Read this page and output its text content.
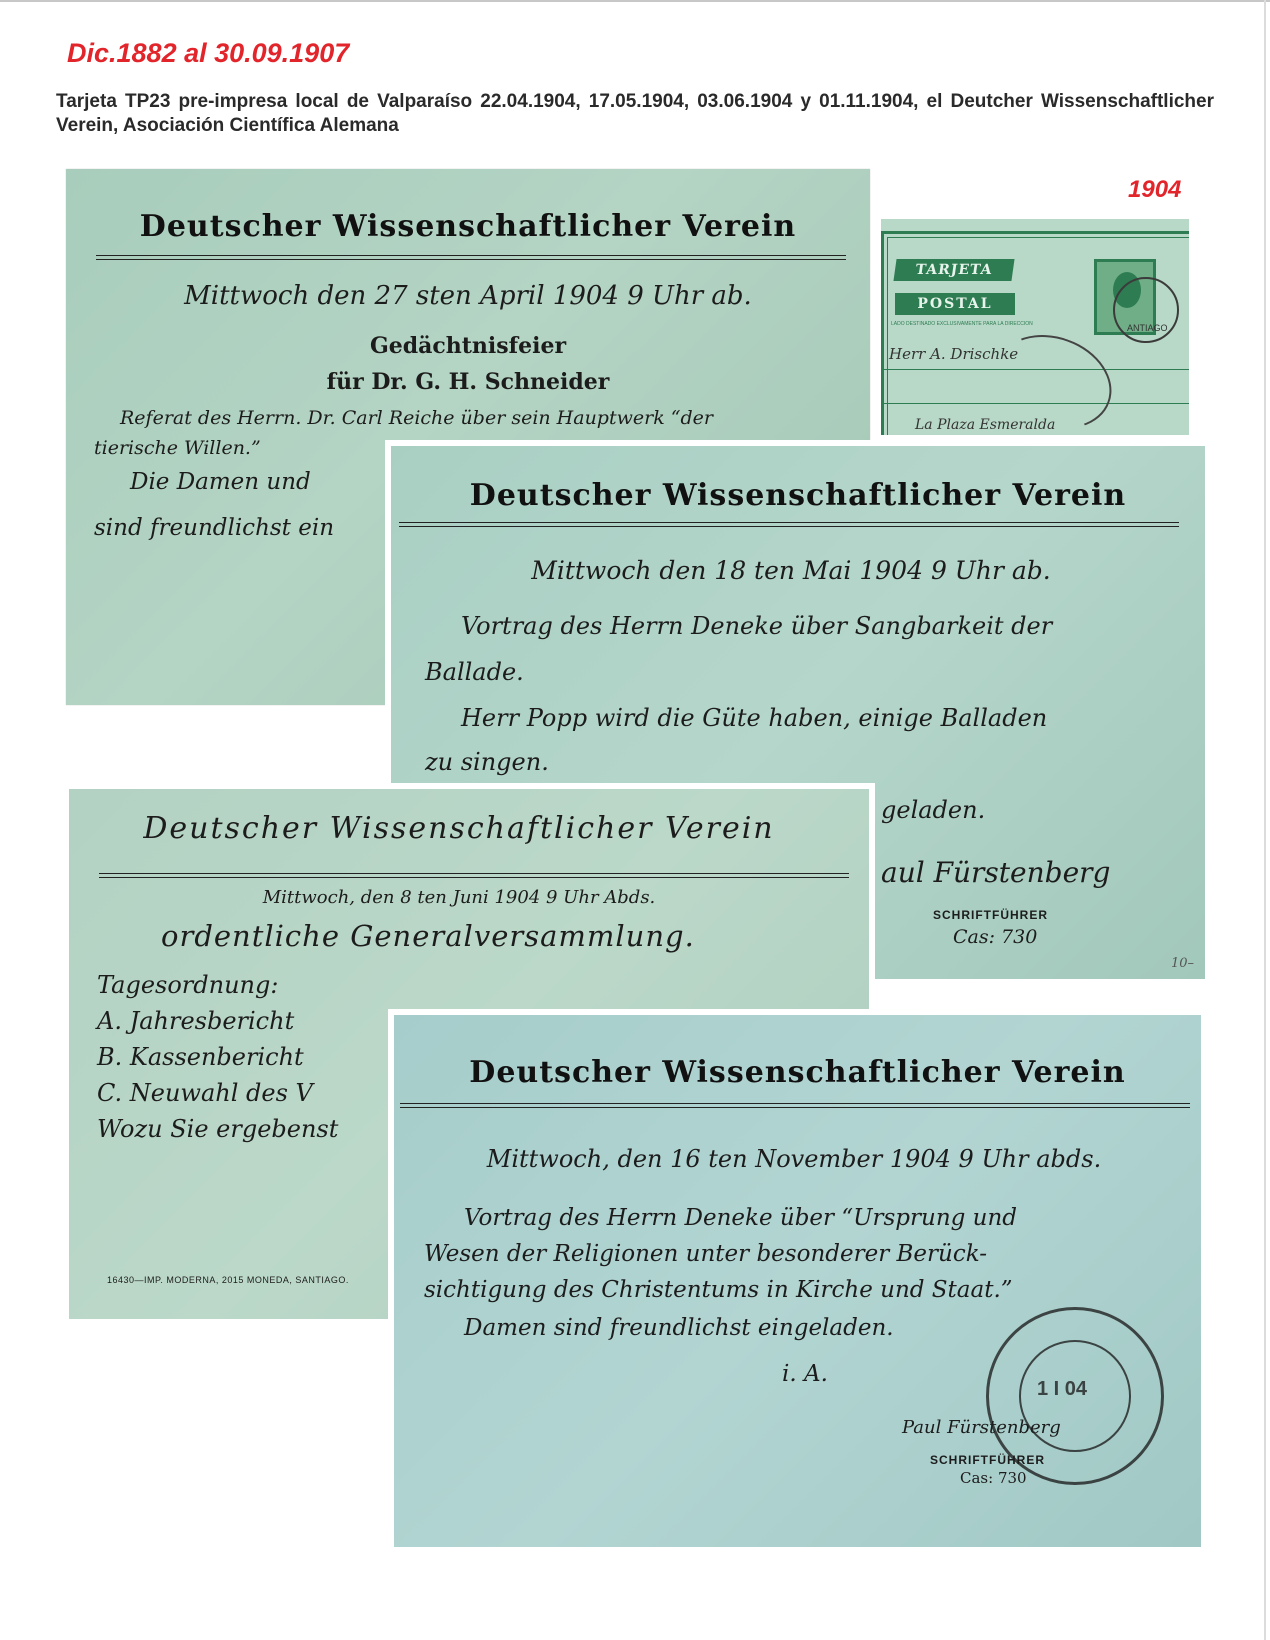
Dic.1882 al 30.09.1907
Tarjeta TP23 pre-impresa local de Valparaíso 22.04.1904, 17.05.1904, 03.06.1904 y 01.11.1904, el Deutcher Wissenschaftlicher Verein, Asociación Científica Alemana
1904
Deutscher Wissenschaftlicher Verein
Mittwoch den 27 sten April 1904 9 Uhr ab.
Gedächtnisfeier
für Dr. G. H. Schneider
Referat des Herrn. Dr. Carl Reiche über sein Hauptwerk “der
tierische Willen.”
Die Damen und
sind freundlichst ein
TARJETA
POSTAL
LADO DESTINADO EXCLUSIVAMENTE PARA LA DIRECCION	ANTIAGO
Herr A. Drischke
La Plaza Esmeralda
Deutscher Wissenschaftlicher Verein
Mittwoch den 18 ten Mai 1904 9 Uhr ab.
Vortrag des Herrn Deneke über Sangbarkeit der
Ballade.
Herr Popp wird die Güte haben, einige Balladen
zu singen.
geladen.
aul Fürstenberg
SCHRIFTFÜHRER
Cas: 730
10–
Deutscher Wissenschaftlicher Verein
Mittwoch, den 8 ten Juni 1904 9 Uhr Abds.
ordentliche Generalversammlung.
Tagesordnung:
A. Jahresbericht
B. Kassenbericht
C. Neuwahl des V
Wozu Sie ergebenst
16430—IMP. MODERNA, 2015 MONEDA, SANTIAGO.
Deutscher Wissenschaftlicher Verein
Mittwoch, den 16 ten November 1904 9 Uhr abds.
Vortrag des Herrn Deneke über “Ursprung und
Wesen der Religionen unter besonderer Berück-
sichtigung des Christentums in Kirche und Staat.”
Damen sind freundlichst eingeladen.
i. A.
Paul Fürstenberg
SCHRIFTFÜHRER
Cas: 730
1 I 04
